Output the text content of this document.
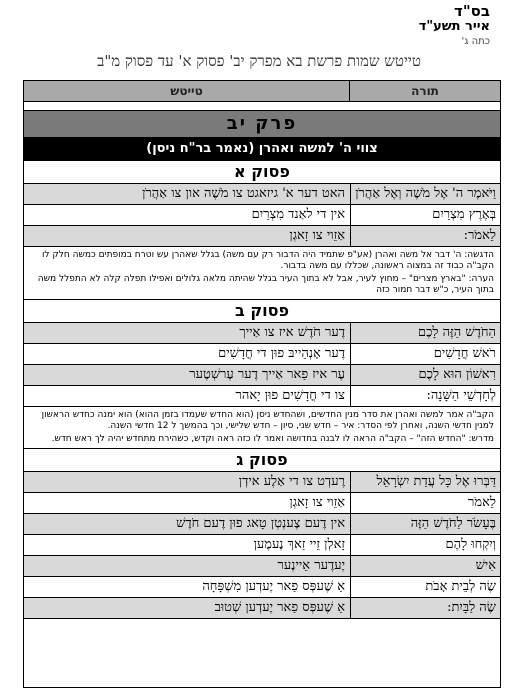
בס"ד

אייר תשע"ד

כתה ג'

טייטש שמות פרשת בא מפרק יב' פסוק א' עד פסוק מ"ב
תורה
טייטש
פרק יב
צווי ה' למשה ואהרן (נאמר בר"ח ניסן)
פסוק א
וַיֹּאמֶר ה' אֶל מֹשֶׁה וְאֶל אַהֲרֹן
האט דער א' גיזאגט צו מֹשֶׁה און צו אַהֲרֹן
בְּאֶרֶץ מִצְרַיִם
אין די לאַנד מִצְרַיִם
לֵאמֹר:
אַזֵוי צו זָאגְן

הדגשה: ה' דבר אל משה ואהרן (אע"פ שתמיד היה הדבור רק עם משה) בגלל שאהרן עש וטרח במופתים כמשה חלק לו הקב"ה כבוד זה במצוה ראשונה, שכללו עם משה בדבור.

הערה: "בארץ מצרים" – מחוץ לעיר, אבל לא בתוך העיר בגלל שהיתה מלאה גלולים ואפילו תפלה קלה לא התפלל משה בתוך העיר, כ"ש דבר חמור כזה

פסוק ב
הַחֹדֶשׁ הַזֶּה לָכֶם
דֶער חֹדֶשׁ איז צו אַייך
רֹאשׁ חֳדָשִׁים
דֶער אָנְהֵייבּ פוּן די חֳדָשִׁים
רִאשׁוֹן הוּא לָכֶם
עֶר איז פַאר אַייך דֶער עֶרשְׁטֶער
לְחָדְשֵׁי הַשָּׁנָה:
צו די חֳדָשִׁים פוּן יָאהר

הקב"ה אמר למשה ואהרן את סדר מנין החדשים, ושהחדש ניסן (הוא החדש שעמדו בזמן ההוא) הוא ימנה כחדש הראשון למנין חדשי השנה, ואחרן לפי הסדר: איר – חדש שני, סיון – חדש שלישי, וכך בהמשך ל 12 חדשי השנה.

מדרש: "החדש הזה" – הקב"ה הראה לו לבנה בחדושה ואמר לו כזה ראה וקדש, כשהירח מתחדש יהיה לך ראש חדש.

פסוק ג
דַּבְּרוּ אֶל כָּל עֲדַת יִשְׂרָאֵל
רֶעדְט צו די אַלֶע אידְן
לֵאמֹר
אַזֵוי צו זָאגְן
בֶּעָשֹׂר לַחֹדֶשׁ הַזֶּה
אין דֶעם צֶענְטְן טָאג פוּן דֶעם חֹדֶשׁ
וְיִקְחוּ לָהֶם
זָאלְן זֵיי זַאךְ נֶעמֶען
אִישׁ
יֶעדֶער אֵיינֶער
שֶׂה לְבֵית אָבֹת
אַ שֶׁעפְּס פַאר יֶעדְען מִשְׁפָּחָה
שֶׂה לַבָּיִת:
אַ שֶׁעפְּס פַאר יֶעדְען שְׁטוּב
